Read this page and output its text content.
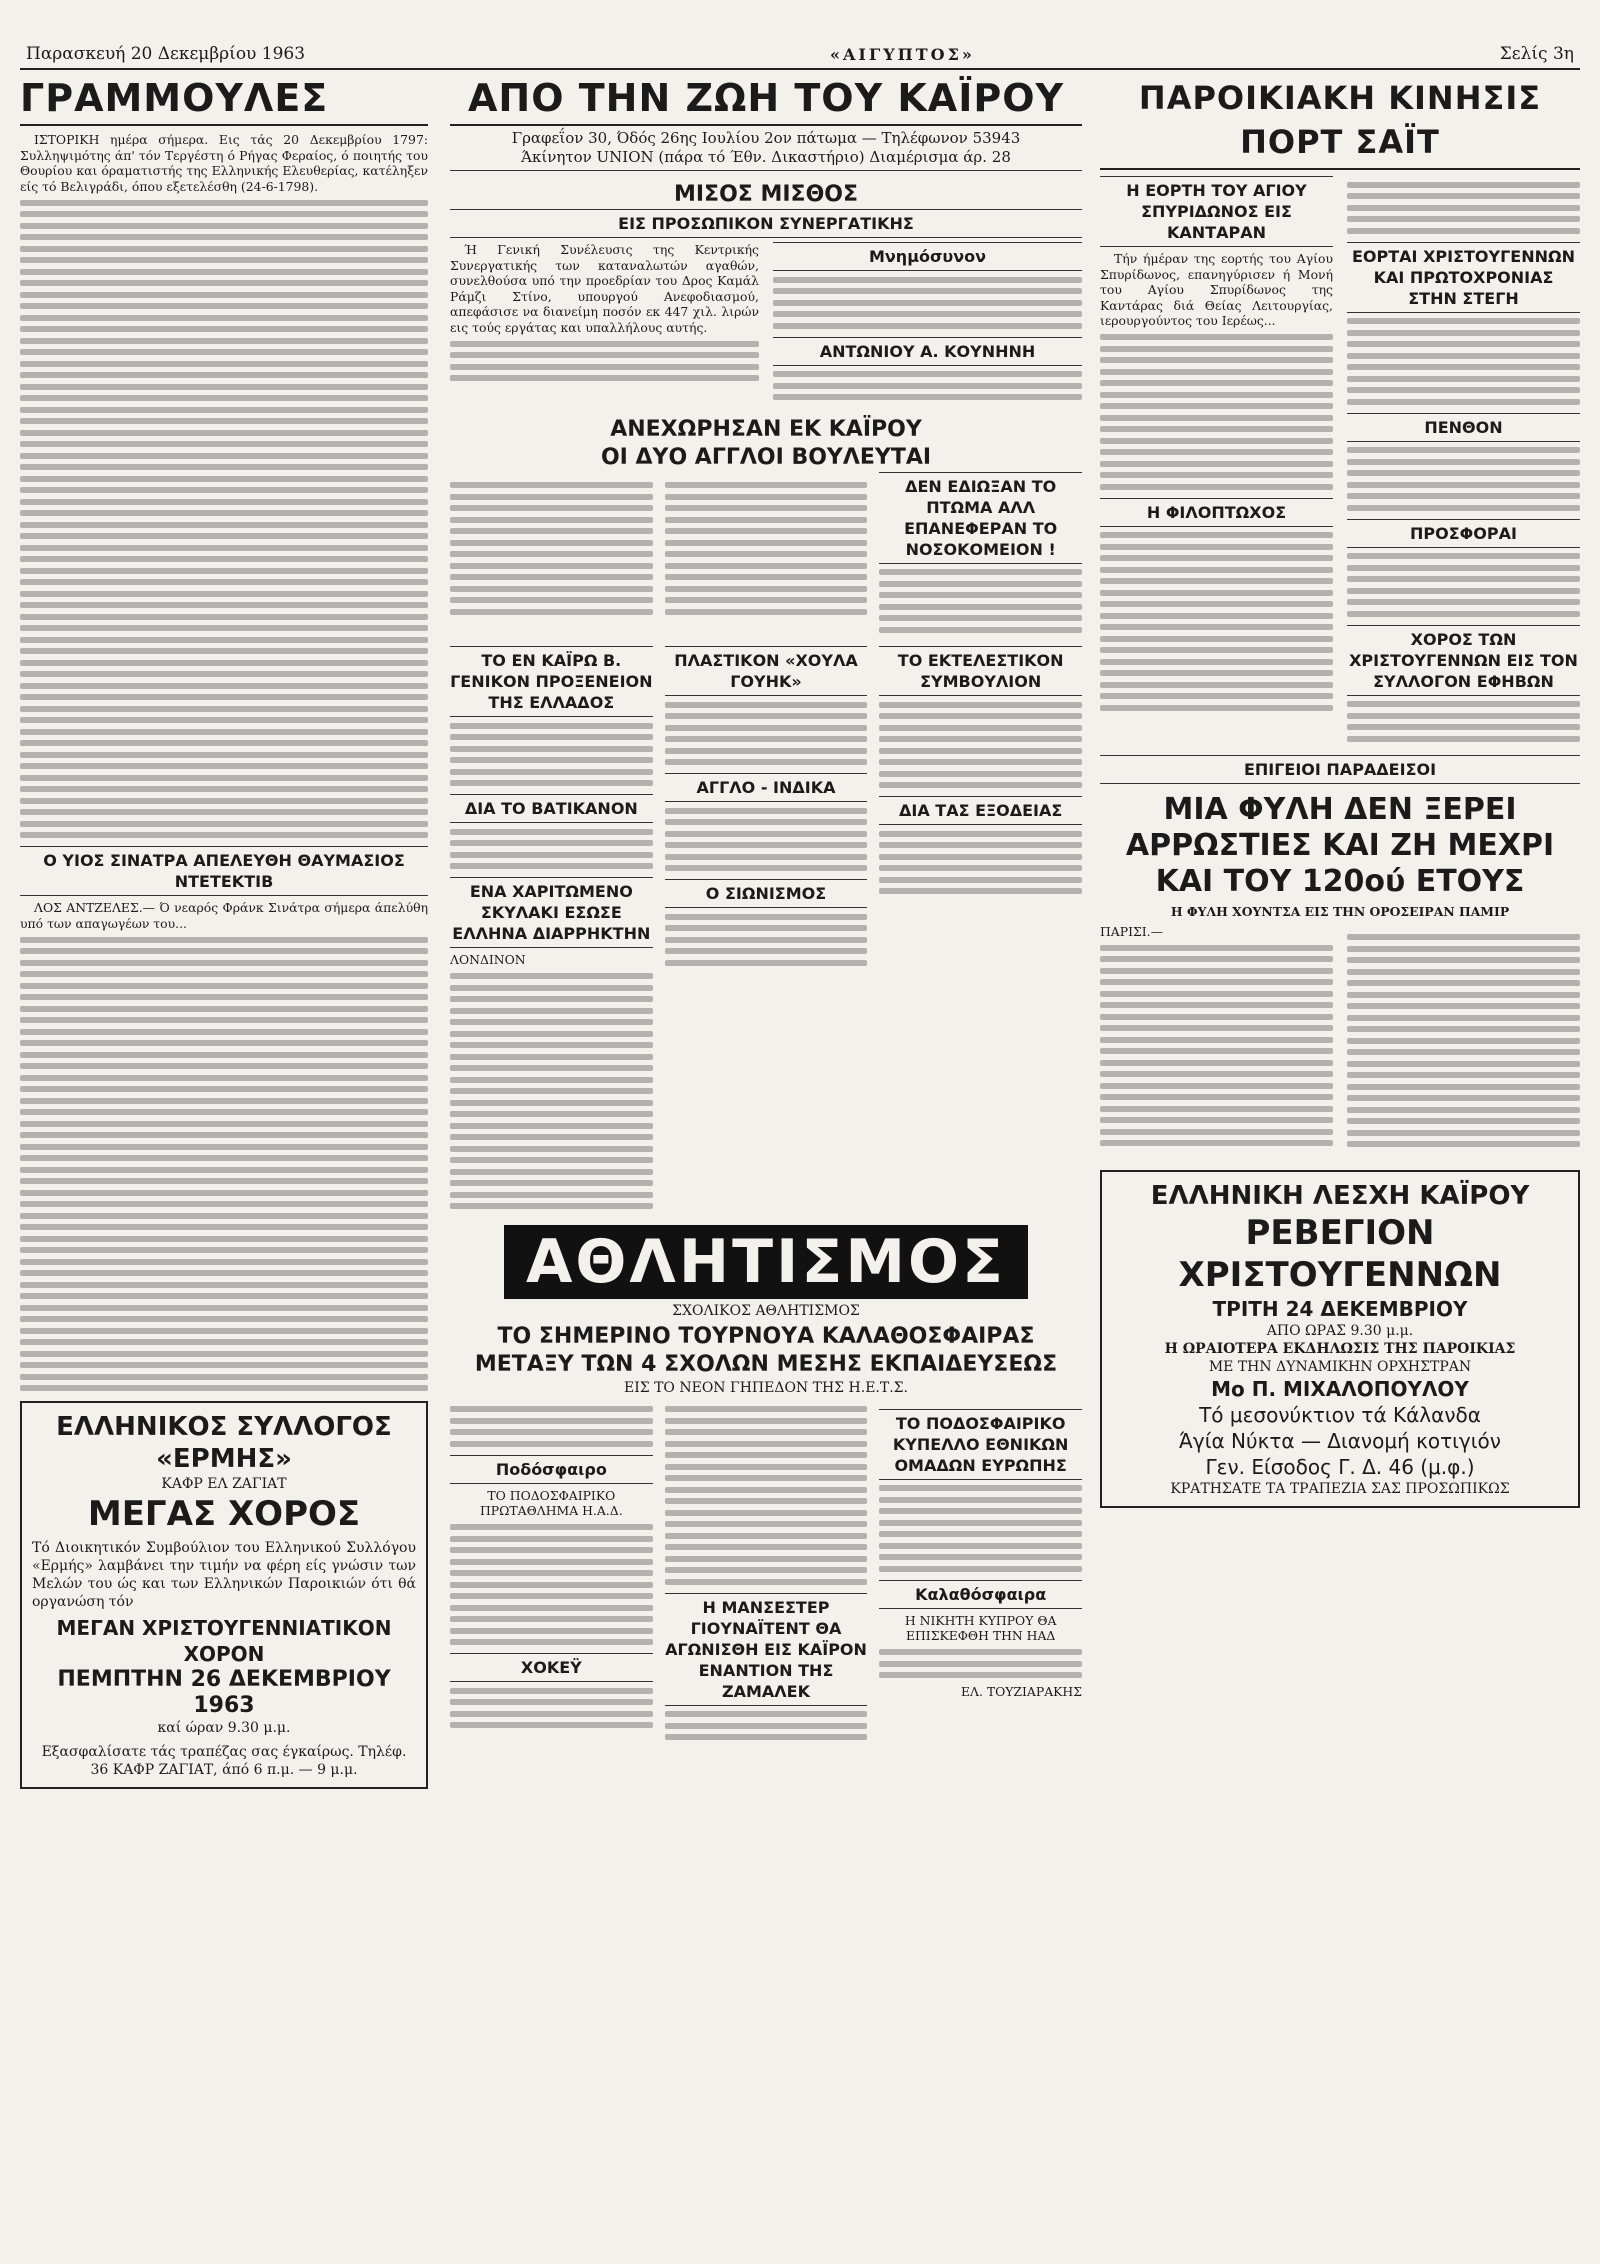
Παρασκευή 20 Δεκεμβρίου 1963	«ΑΙΓΥΠΤΟΣ»	Σελίς 3η
ΓΡΑΜΜΟΥΛΕΣ

ΙΣΤΟΡΙΚΗ ημέρα σήμερα. Εις τάς 20 Δεκεμβρίου 1797: Συλληψιμότης άπ' τόν Τεργέστη ό Ρήγας Φεραίος, ό ποιητής του Θουρίου και όραματιστής της Ελληνικής Ελευθερίας, κατέληξεν είς τό Βελιγράδι, όπου εξετελέσθη (24-6-1798).

Ο ΥΙΟΣ ΣΙΝΑΤΡΑ ΑΠΕΛΕΥΘΗ ΘΑΥΜΑΣΙΟΣ ΝΤΕΤΕΚΤΙΒ

ΛΟΣ ΑΝΤΖΕΛΕΣ.— Ό νεαρός Φράνκ Σινάτρα σήμερα άπελύθη υπό των απαγωγέων του...

ΕΛΛΗΝΙΚΟΣ ΣΥΛΛΟΓΟΣ «ΕΡΜΗΣ»
ΚΑΦΡ ΕΛ ΖΑΓΙΑΤ
ΜΕΓΑΣ ΧΟΡΟΣ
Τό Διοικητικόν Συμβούλιον του Ελληνικού Συλλόγου «Ερμής» λαμβάνει την τιμήν να φέρη είς γνώσιν των Μελών του ώς και των Ελληνικών Παροικιών ότι θά οργανώση τόν
ΜΕΓΑΝ ΧΡΙΣΤΟΥΓΕΝΝΙΑΤΙΚΟΝ ΧΟΡΟΝ
ΠΕΜΠΤΗΝ 26 ΔΕΚΕΜΒΡΙΟΥ 1963
καί ώραν 9.30 μ.μ.
Εξασφαλίσατε τάς τραπέζας σας έγκαίρως. Τηλέφ. 36 ΚΑΦΡ ΖΑΓΙΑΤ, άπό 6 π.μ. — 9 μ.μ.
ΑΠΟ ΤΗΝ ΖΩΗ ΤΟΥ ΚΑΪΡΟΥ
Γραφεΐον 30, Όδός 26ης Ιουλίου 2ον πάτωμα — Τηλέφωνον 53943
Άκίνητον UNION (πάρα τό Έθν. Δικαστήριο) Διαμέρισμα άρ. 28
ΜΙΣΟΣ ΜΙΣΘΟΣ
ΕΙΣ ΠΡΟΣΩΠΙΚΟΝ ΣΥΝΕΡΓΑΤΙΚΗΣ

Ή Γενική Συνέλευσις της Κεντρικής Συνεργατικής των καταναλωτών αγαθών, συνελθούσα υπό την προεδρίαν του Δρος Καμάλ Ράμζι Στίνο, υπουργού Ανεφοδιασμού, απεφάσισε να διανείμη ποσόν εκ 447 χιλ. λιρών εις τούς εργάτας και υπαλλήλους αυτής.

Μνημόσυνον
ΑΝΤΩΝΙΟΥ Α. ΚΟΥΝΗΝΗ
ΑΝΕΧΩΡΗΣΑΝ ΕΚ ΚΑΪΡΟΥ
ΟΙ ΔΥΟ ΑΓΓΛΟΙ ΒΟΥΛΕΥΤΑΙ
ΔΕΝ ΕΔΙΩΞΑΝ ΤΟ ΠΤΩΜΑ ΑΛΛ ΕΠΑΝΕΦΕΡΑΝ ΤΟ ΝΟΣΟΚΟΜΕΙΟΝ !
ΤΟ ΕΝ ΚΑΪΡΩ Β. ΓΕΝΙΚΟΝ ΠΡΟΞΕΝΕΙΟΝ ΤΗΣ ΕΛΛΑΔΟΣ
ΔΙΑ ΤΟ ΒΑΤΙΚΑΝΟΝ
ΕΝΑ ΧΑΡΙΤΩΜΕΝΟ ΣΚΥΛΑΚΙ ΕΣΩΣΕ ΕΛΛΗΝΑ ΔΙΑΡΡΗΚΤΗΝ
ΛΟΝΔΙΝΟΝ
ΠΛΑΣΤΙΚΟΝ «ΧΟΥΛΑ ΓΟΥΗΚ»
ΑΓΓΛΟ - ΙΝΔΙΚΑ
Ο ΣΙΩΝΙΣΜΟΣ
ΤΟ ΕΚΤΕΛΕΣΤΙΚΟΝ ΣΥΜΒΟΥΛΙΟΝ
ΔΙΑ ΤΑΣ ΕΞΟΔΕΙΑΣ
ΑΘΛΗΤΙΣΜΟΣ
ΣΧΟΛΙΚΟΣ ΑΘΛΗΤΙΣΜΟΣ
ΤΟ ΣΗΜΕΡΙΝΟ ΤΟΥΡΝΟΥΑ ΚΑΛΑΘΟΣΦΑΙΡΑΣ ΜΕΤΑΞΥ ΤΩΝ 4 ΣΧΟΛΩΝ ΜΕΣΗΣ ΕΚΠΑΙΔΕΥΣΕΩΣ
ΕΙΣ ΤΟ ΝΕΟΝ ΓΗΠΕΔΟΝ ΤΗΣ Η.Ε.Τ.Σ.
Ποδόσφαιρο
ΤΟ ΠΟΔΟΣΦΑΙΡΙΚΟ ΠΡΩΤΑΘΛΗΜΑ Η.Α.Δ.
ΧΟΚΕΫ
Η ΜΑΝΣΕΣΤΕΡ ΓΙΟΥΝΑΪΤΕΝΤ ΘΑ ΑΓΩΝΙΣΘΗ ΕΙΣ ΚΑΪΡΟΝ ΕΝΑΝΤΙΟΝ ΤΗΣ ΖΑΜΑΛΕΚ
ΤΟ ΠΟΔΟΣΦΑΙΡΙΚΟ ΚΥΠΕΛΛΟ ΕΘΝΙΚΩΝ ΟΜΑΔΩΝ ΕΥΡΩΠΗΣ
Καλαθόσφαιρα
Η ΝΙΚΗΤΗ ΚΥΠΡΟΥ ΘΑ ΕΠΙΣΚΕΦΘΗ ΤΗΝ ΗΑΔ
ΕΛ. ΤΟΥΖΙΑΡΑΚΗΣ
ΠΑΡΟΙΚΙΑΚΗ ΚΙΝΗΣΙΣ ΠΟΡΤ ΣΑΪΤ
Η ΕΟΡΤΗ ΤΟΥ ΑΓΙΟΥ ΣΠΥΡΙΔΩΝΟΣ ΕΙΣ ΚΑΝΤΑΡΑΝ

Τήν ήμέραν της εορτής του Αγίου Σπυρίδωνος, επανηγύρισεν ή Μονή του Αγίου Σπυρίδωνος της Καντάρας διά Θείας Λειτουργίας, ιερουργούντος του Ιερέως...

Η ΦΙΛΟΠΤΩΧΟΣ
ΕΟΡΤΑΙ ΧΡΙΣΤΟΥΓΕΝΝΩΝ ΚΑΙ ΠΡΩΤΟΧΡΟΝΙΑΣ ΣΤΗΝ ΣΤΕΓΗ
ΠΕΝΘΟΝ
ΠΡΟΣΦΟΡΑΙ
ΧΟΡΟΣ ΤΩΝ ΧΡΙΣΤΟΥΓΕΝΝΩΝ ΕΙΣ ΤΟΝ ΣΥΛΛΟΓΟΝ ΕΦΗΒΩΝ
ΕΠΙΓΕΙΟΙ ΠΑΡΑΔΕΙΣΟΙ
ΜΙΑ ΦΥΛΗ ΔΕΝ ΞΕΡΕΙ ΑΡΡΩΣΤΙΕΣ ΚΑΙ ΖΗ ΜΕΧΡΙ ΚΑΙ ΤΟΥ 120ού ΕΤΟΥΣ
Η ΦΥΛΗ ΧΟΥΝΤΣΑ ΕΙΣ ΤΗΝ ΟΡΟΣΕΙΡΑΝ ΠΑΜΙΡ
ΠΑΡΙΣΙ.—
ΕΛΛΗΝΙΚΗ ΛΕΣΧΗ ΚΑΪΡΟΥ
ΡΕΒΕΓΙΟΝ
ΧΡΙΣΤΟΥΓΕΝΝΩΝ
ΤΡΙΤΗ 24 ΔΕΚΕΜΒΡΙΟΥ
ΑΠΟ ΩΡΑΣ 9.30 μ.μ.
Η ΩΡΑΙΟΤΕΡΑ ΕΚΔΗΛΩΣΙΣ ΤΗΣ ΠΑΡΟΙΚΙΑΣ
ΜΕ ΤΗΝ ΔΥΝΑΜΙΚΗΝ ΟΡΧΗΣΤΡΑΝ
Μο Π. ΜΙΧΑΛΟΠΟΥΛΟΥ
Τό μεσονύκτιον τά Κάλανδα
Άγία Νύκτα — Διανομή κοτιγιόν
Γεν. Είσοδος Γ. Δ. 46 (μ.φ.)
ΚΡΑΤΗΣΑΤΕ ΤΑ ΤΡΑΠΕΖΙΑ ΣΑΣ ΠΡΟΣΩΠΙΚΩΣ
